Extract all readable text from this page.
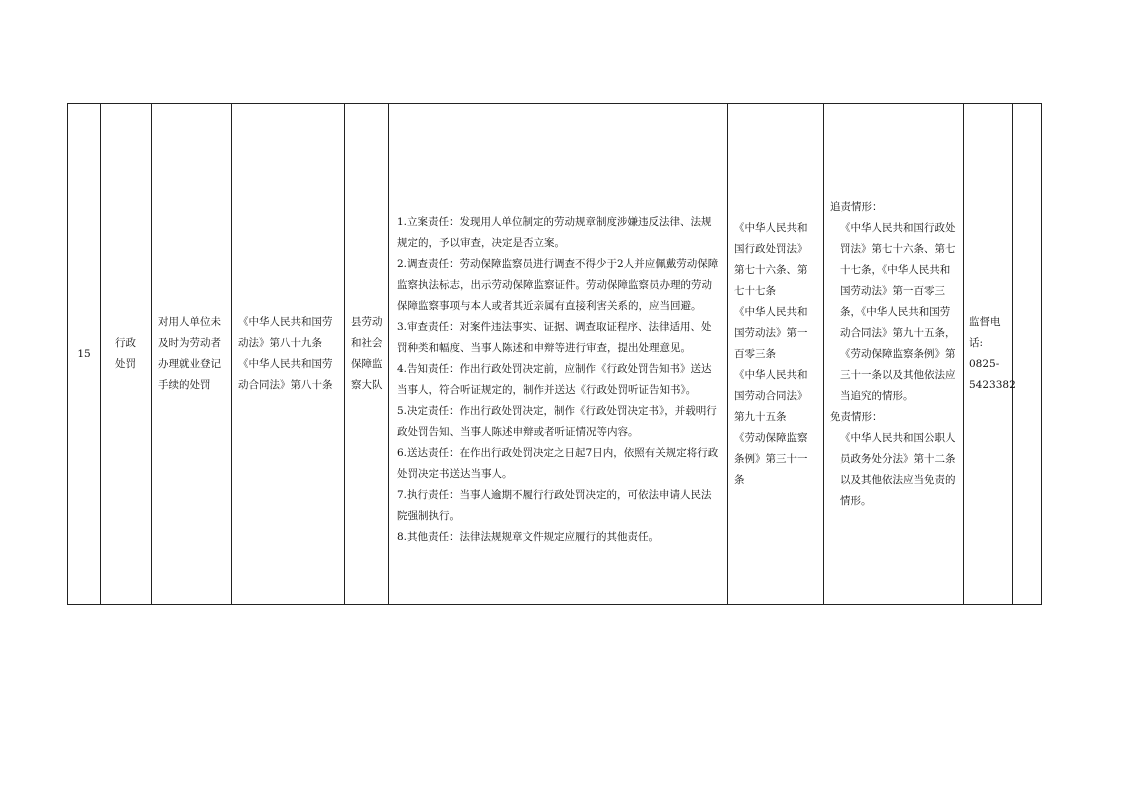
15

行政处罚

对用人单位未及时为劳动者办理就业登记手续的处罚

《中华人民共和国劳动法》第八十九条
《中华人民共和国劳动合同法》第八十条

县劳动和社会保障监察大队

1.立案责任：发现用人单位制定的劳动规章制度涉嫌违反法律、法规规定的，予以审查，决定是否立案。
2.调查责任：劳动保障监察员进行调查不得少于2人并应佩戴劳动保障监察执法标志，出示劳动保障监察证件。劳动保障监察员办理的劳动保障监察事项与本人或者其近亲属有直接利害关系的，应当回避。
3.审查责任：对案件违法事实、证据、调查取证程序、法律适用、处罚种类和幅度、当事人陈述和申辩等进行审查，提出处理意见。
4.告知责任：作出行政处罚决定前，应制作《行政处罚告知书》送达当事人，符合听证规定的，制作并送达《行政处罚听证告知书》。
5.决定责任：作出行政处罚决定，制作《行政处罚决定书》，并载明行政处罚告知、当事人陈述申辩或者听证情况等内容。
6.送达责任：在作出行政处罚决定之日起7日内，依照有关规定将行政处罚决定书送达当事人。
7.执行责任：当事人逾期不履行行政处罚决定的，可依法申请人民法院强制执行。
8.其他责任：法律法规规章文件规定应履行的其他责任。

《中华人民共和国行政处罚法》第七十六条、第七十七条
《中华人民共和国劳动法》第一百零三条
《中华人民共和国劳动合同法》第九十五条
《劳动保障监察条例》第三十一条

追责情形：
《中华人民共和国行政处罚法》第七十六条、第七十七条，《中华人民共和国劳动法》第一百零三条，《中华人民共和国劳动合同法》第九十五条，《劳动保障监察条例》第三十一条以及其他依法应当追究的情形。
免责情形：
《中华人民共和国公职人员政务处分法》第十二条以及其他依法应当免责的情形。

监督电话:
0825-
5423382
